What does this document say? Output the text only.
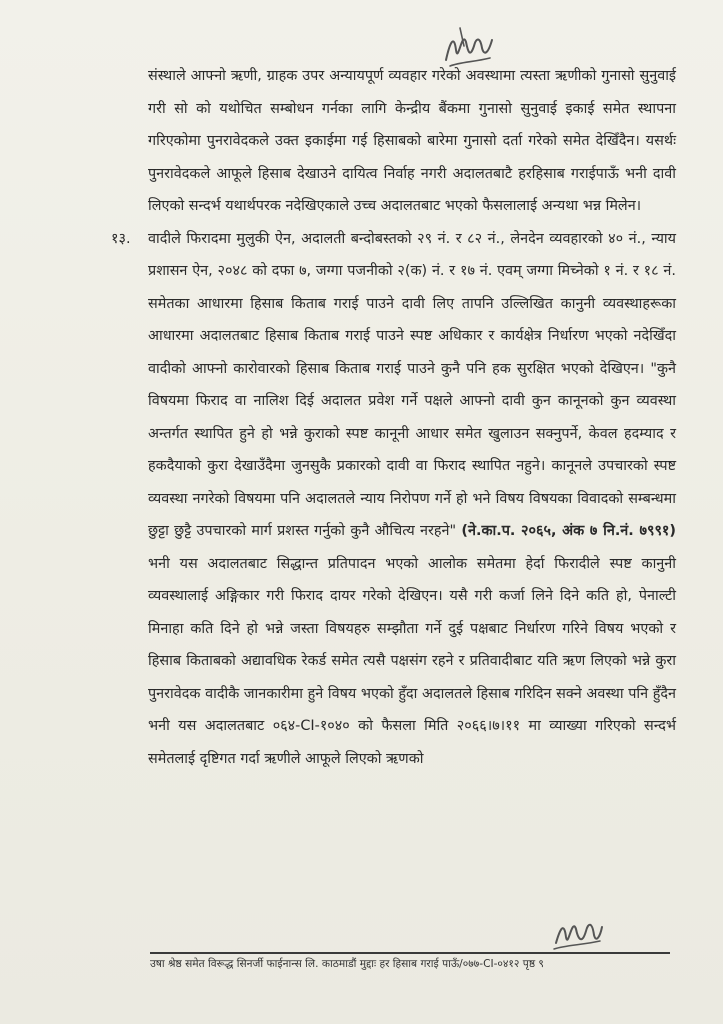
संस्थाले आफ्नो ऋणी, ग्राहक उपर अन्यायपूर्ण व्यवहार गरेको अवस्थामा त्यस्ता ऋणीको गुनासो सुनुवाई गरी सो को यथोचित सम्बोधन गर्नका लागि केन्द्रीय बैंकमा गुनासो सुनुवाई इकाई समेत स्थापना गरिएकोमा पुनरावेदकले उक्त इकाईमा गई हिसाबको बारेमा गुनासो दर्ता गरेको समेत देखिँदैन। यसर्थः पुनरावेदकले आफूले हिसाब देखाउने दायित्व निर्वाह नगरी अदालतबाटै हरहिसाब गराईपाऊँ भनी दावी लिएको सन्दर्भ यथार्थपरक नदेखिएकाले उच्च अदालतबाट भएको फैसलालाई अन्यथा भन्न मिलेन।

१३. वादीले फिरादमा मुलुकी ऐन, अदालती बन्दोबस्तको २९ नं. र ८२ नं., लेनदेन व्यवहारको ४० नं., न्याय प्रशासन ऐन, २०४८ को दफा ७, जग्गा पजनीको २(क) नं. र १७ नं. एवम् जग्गा मिच्नेको १ नं. र १८ नं. समेतका आधारमा हिसाब किताब गराई पाउने दावी लिए तापनि उल्लिखित कानुनी व्यवस्थाहरूका आधारमा अदालतबाट हिसाब किताब गराई पाउने स्पष्ट अधिकार र कार्यक्षेत्र निर्धारण भएको नदेखिँदा वादीको आफ्नो कारोवारको हिसाब किताब गराई पाउने कुनै पनि हक सुरक्षित भएको देखिएन। "कुनै विषयमा फिराद वा नालिश दिई अदालत प्रवेश गर्ने पक्षले आफ्नो दावी कुन कानूनको कुन व्यवस्था अन्तर्गत स्थापित हुने हो भन्ने कुराको स्पष्ट कानूनी आधार समेत खुलाउन सक्नुपर्ने, केवल हदम्याद र हकदैयाको कुरा देखाउँदैमा जुनसुकै प्रकारको दावी वा फिराद स्थापित नहुने। कानूनले उपचारको स्पष्ट व्यवस्था नगरेको विषयमा पनि अदालतले न्याय निरोपण गर्ने हो भने विषय विषयका विवादको सम्बन्धमा छुट्टा छुट्टै उपचारको मार्ग प्रशस्त गर्नुको कुनै औचित्य नरहने" (ने.का.प. २०६५, अंक ७ नि.नं. ७९९१) भनी यस अदालतबाट सिद्धान्त प्रतिपादन भएको आलोक समेतमा हेर्दा फिरादीले स्पष्ट कानुनी व्यवस्थालाई अङ्गिकार गरी फिराद दायर गरेको देखिएन। यसै गरी कर्जा लिने दिने कति हो, पेनाल्टी मिनाहा कति दिने हो भन्ने जस्ता विषयहरु सम्झौता गर्ने दुई पक्षबाट निर्धारण गरिने विषय भएको र हिसाब किताबको अद्यावधिक रेकर्ड समेत त्यसै पक्षसंग रहने र प्रतिवादीबाट यति ऋण लिएको भन्ने कुरा पुनरावेदक वादीकै जानकारीमा हुने विषय भएको हुँदा अदालतले हिसाब गरिदिन सक्ने अवस्था पनि हुँदैन भनी यस अदालतबाट ०६४-CI-१०४० को फैसला मिति २०६६।७।११ मा व्याख्या गरिएको सन्दर्भ समेतलाई दृष्टिगत गर्दा ऋणीले आफूले लिएको ऋणको

उषा श्रेष्ठ समेत विरूद्ध सिनर्जी फाईनान्स लि. काठमाडौं मुद्दाः हर हिसाब गराई पाऊँ/०७७-CI-०४१२ पृष्ठ ९
